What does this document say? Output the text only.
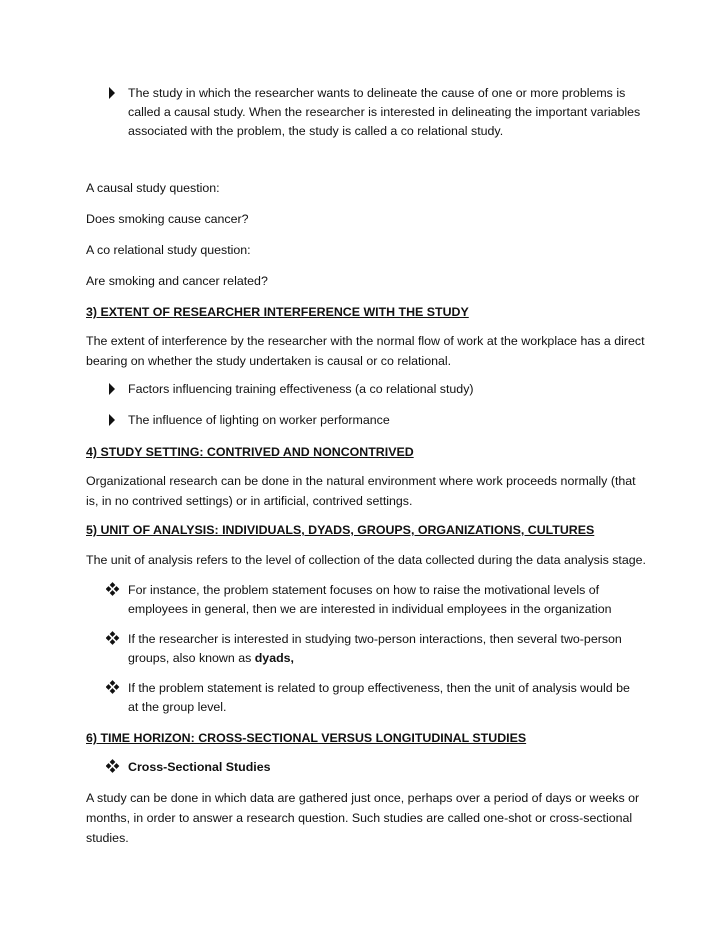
The study in which the researcher wants to delineate the cause of one or more problems is called a causal study. When the researcher is interested in delineating the important variables associated with the problem, the study is called a co relational study.

A causal study question:

Does smoking cause cancer?

A co relational study question:

Are smoking and cancer related?

3) EXTENT OF RESEARCHER INTERFERENCE WITH THE STUDY

The extent of interference by the researcher with the normal flow of work at the workplace has a direct bearing on whether the study undertaken is causal or co relational.

Factors influencing training effectiveness (a co relational study)

The influence of lighting on worker performance

4) STUDY SETTING: CONTRIVED AND NONCONTRIVED

Organizational research can be done in the natural environment where work proceeds normally (that is, in no contrived settings) or in artificial, contrived settings.

5) UNIT OF ANALYSIS: INDIVIDUALS, DYADS, GROUPS, ORGANIZATIONS, CULTURES

The unit of analysis refers to the level of collection of the data collected during the data analysis stage.

For instance, the problem statement focuses on how to raise the motivational levels of employees in general, then we are interested in individual employees in the organization

If the researcher is interested in studying two-person interactions, then several two-person groups, also known as dyads,

If the problem statement is related to group effectiveness, then the unit of analysis would be at the group level.

6) TIME HORIZON: CROSS-SECTIONAL VERSUS LONGITUDINAL STUDIES

Cross-Sectional Studies

A study can be done in which data are gathered just once, perhaps over a period of days or weeks or months, in order to answer a research question. Such studies are called one-shot or cross-sectional studies.
